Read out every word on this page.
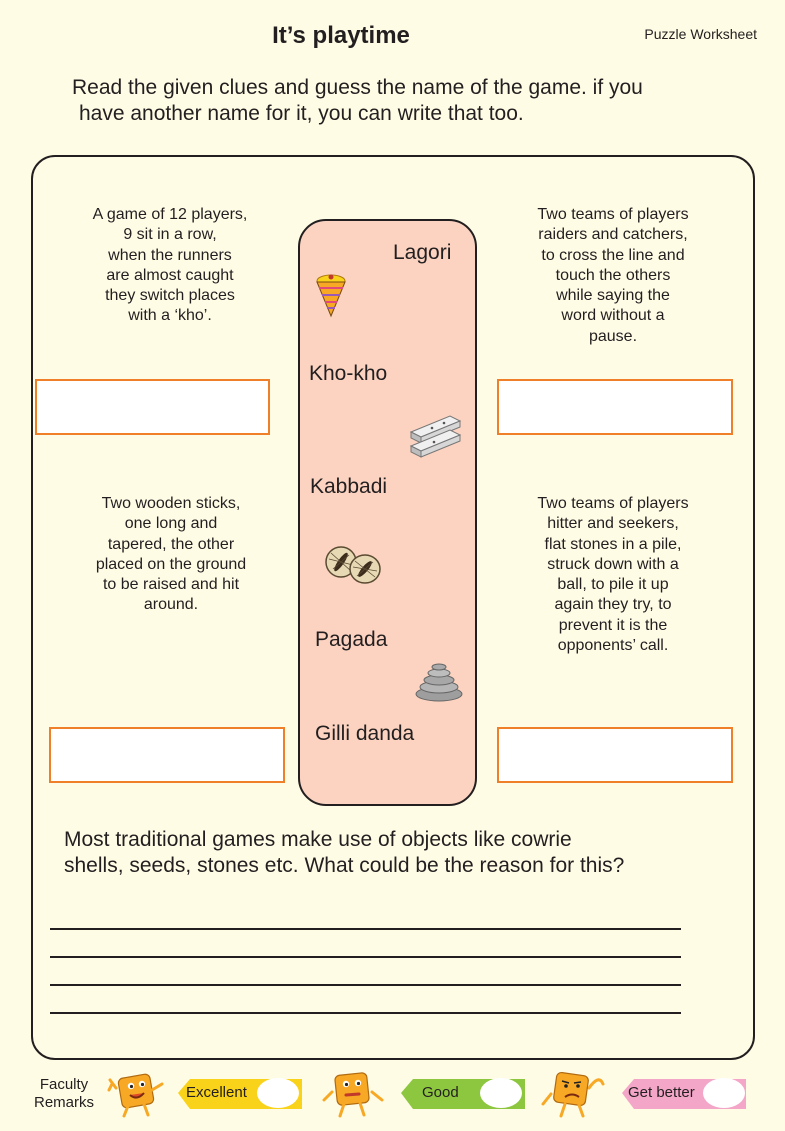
It’s playtime	Puzzle Worksheet
Read the given clues and guess the name of the game. if you
have another name for it, you can write that too.
A game of 12 players,
9 sit in a row,
when the runners
are almost caught
they switch places
with a ‘kho’.
Two teams of players
raiders and catchers,
to cross the line and
touch the others
while saying the
word without a
pause.
Two wooden sticks,
one long and
tapered, the other
placed on the ground
to be raised and hit
around.
Two teams of players
hitter and seekers,
flat stones in a pile,
struck down with a
ball, to pile it up
again they try, to
prevent it is the
opponents’ call.
Lagori
Kho-kho
Kabbadi
Pagada
Gilli danda
Most traditional games make use of objects like cowrie
shells, seeds, stones etc. What could be the reason for this?
Faculty
Remarks
Excellent	Good	Get better
